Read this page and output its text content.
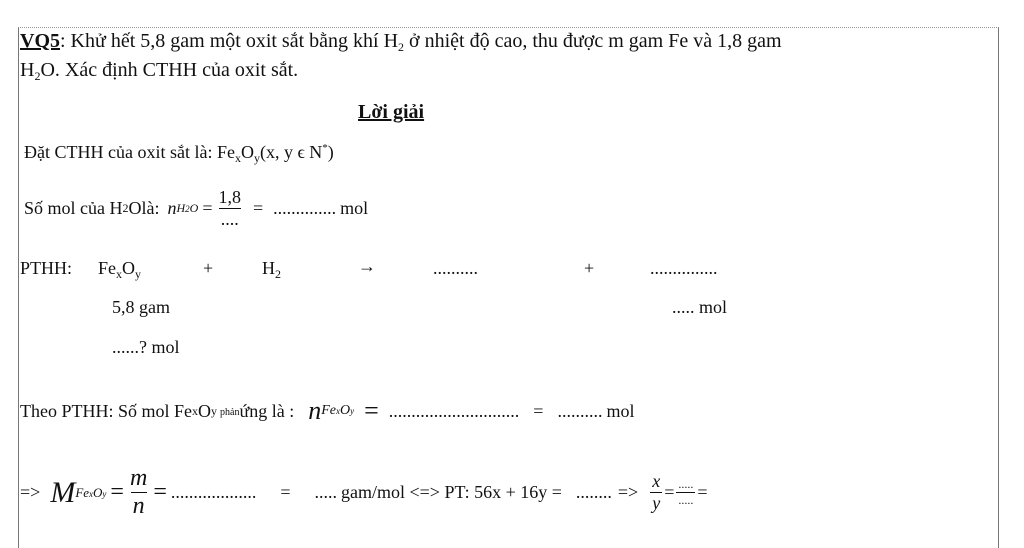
VQ5: Khử hết 5,8 gam một oxit sắt bằng khí $H_2$ ở nhiệt độ cao, thu được m gam Fe và 1,8 gam
$H_2O$. Xác định CTHH của oxit sắt.
Lời giải
Đặt CTHH của oxit sắt là: $Fe_xO_y(x$, y ϵ N*)
Số mol của H 2 Olà: n $H2O = \frac{1,8}{....}$ = .............. mol
PTHH: $Fe_xO_y$	+	$H_2$	→	..........	+	...............
5,8 gam	..... mol
......? mol
Theo PTHH: Số mol Fe x O y phản ứng là : n FexOy = ............................. = .......... mol
=> M FexOy = $\frac{m}{n}$ = ................... = ..... gam/mol <=> PT: 56x + 16y = ........ => $\frac{x}{y} = \frac{.....}{.....}$ =
